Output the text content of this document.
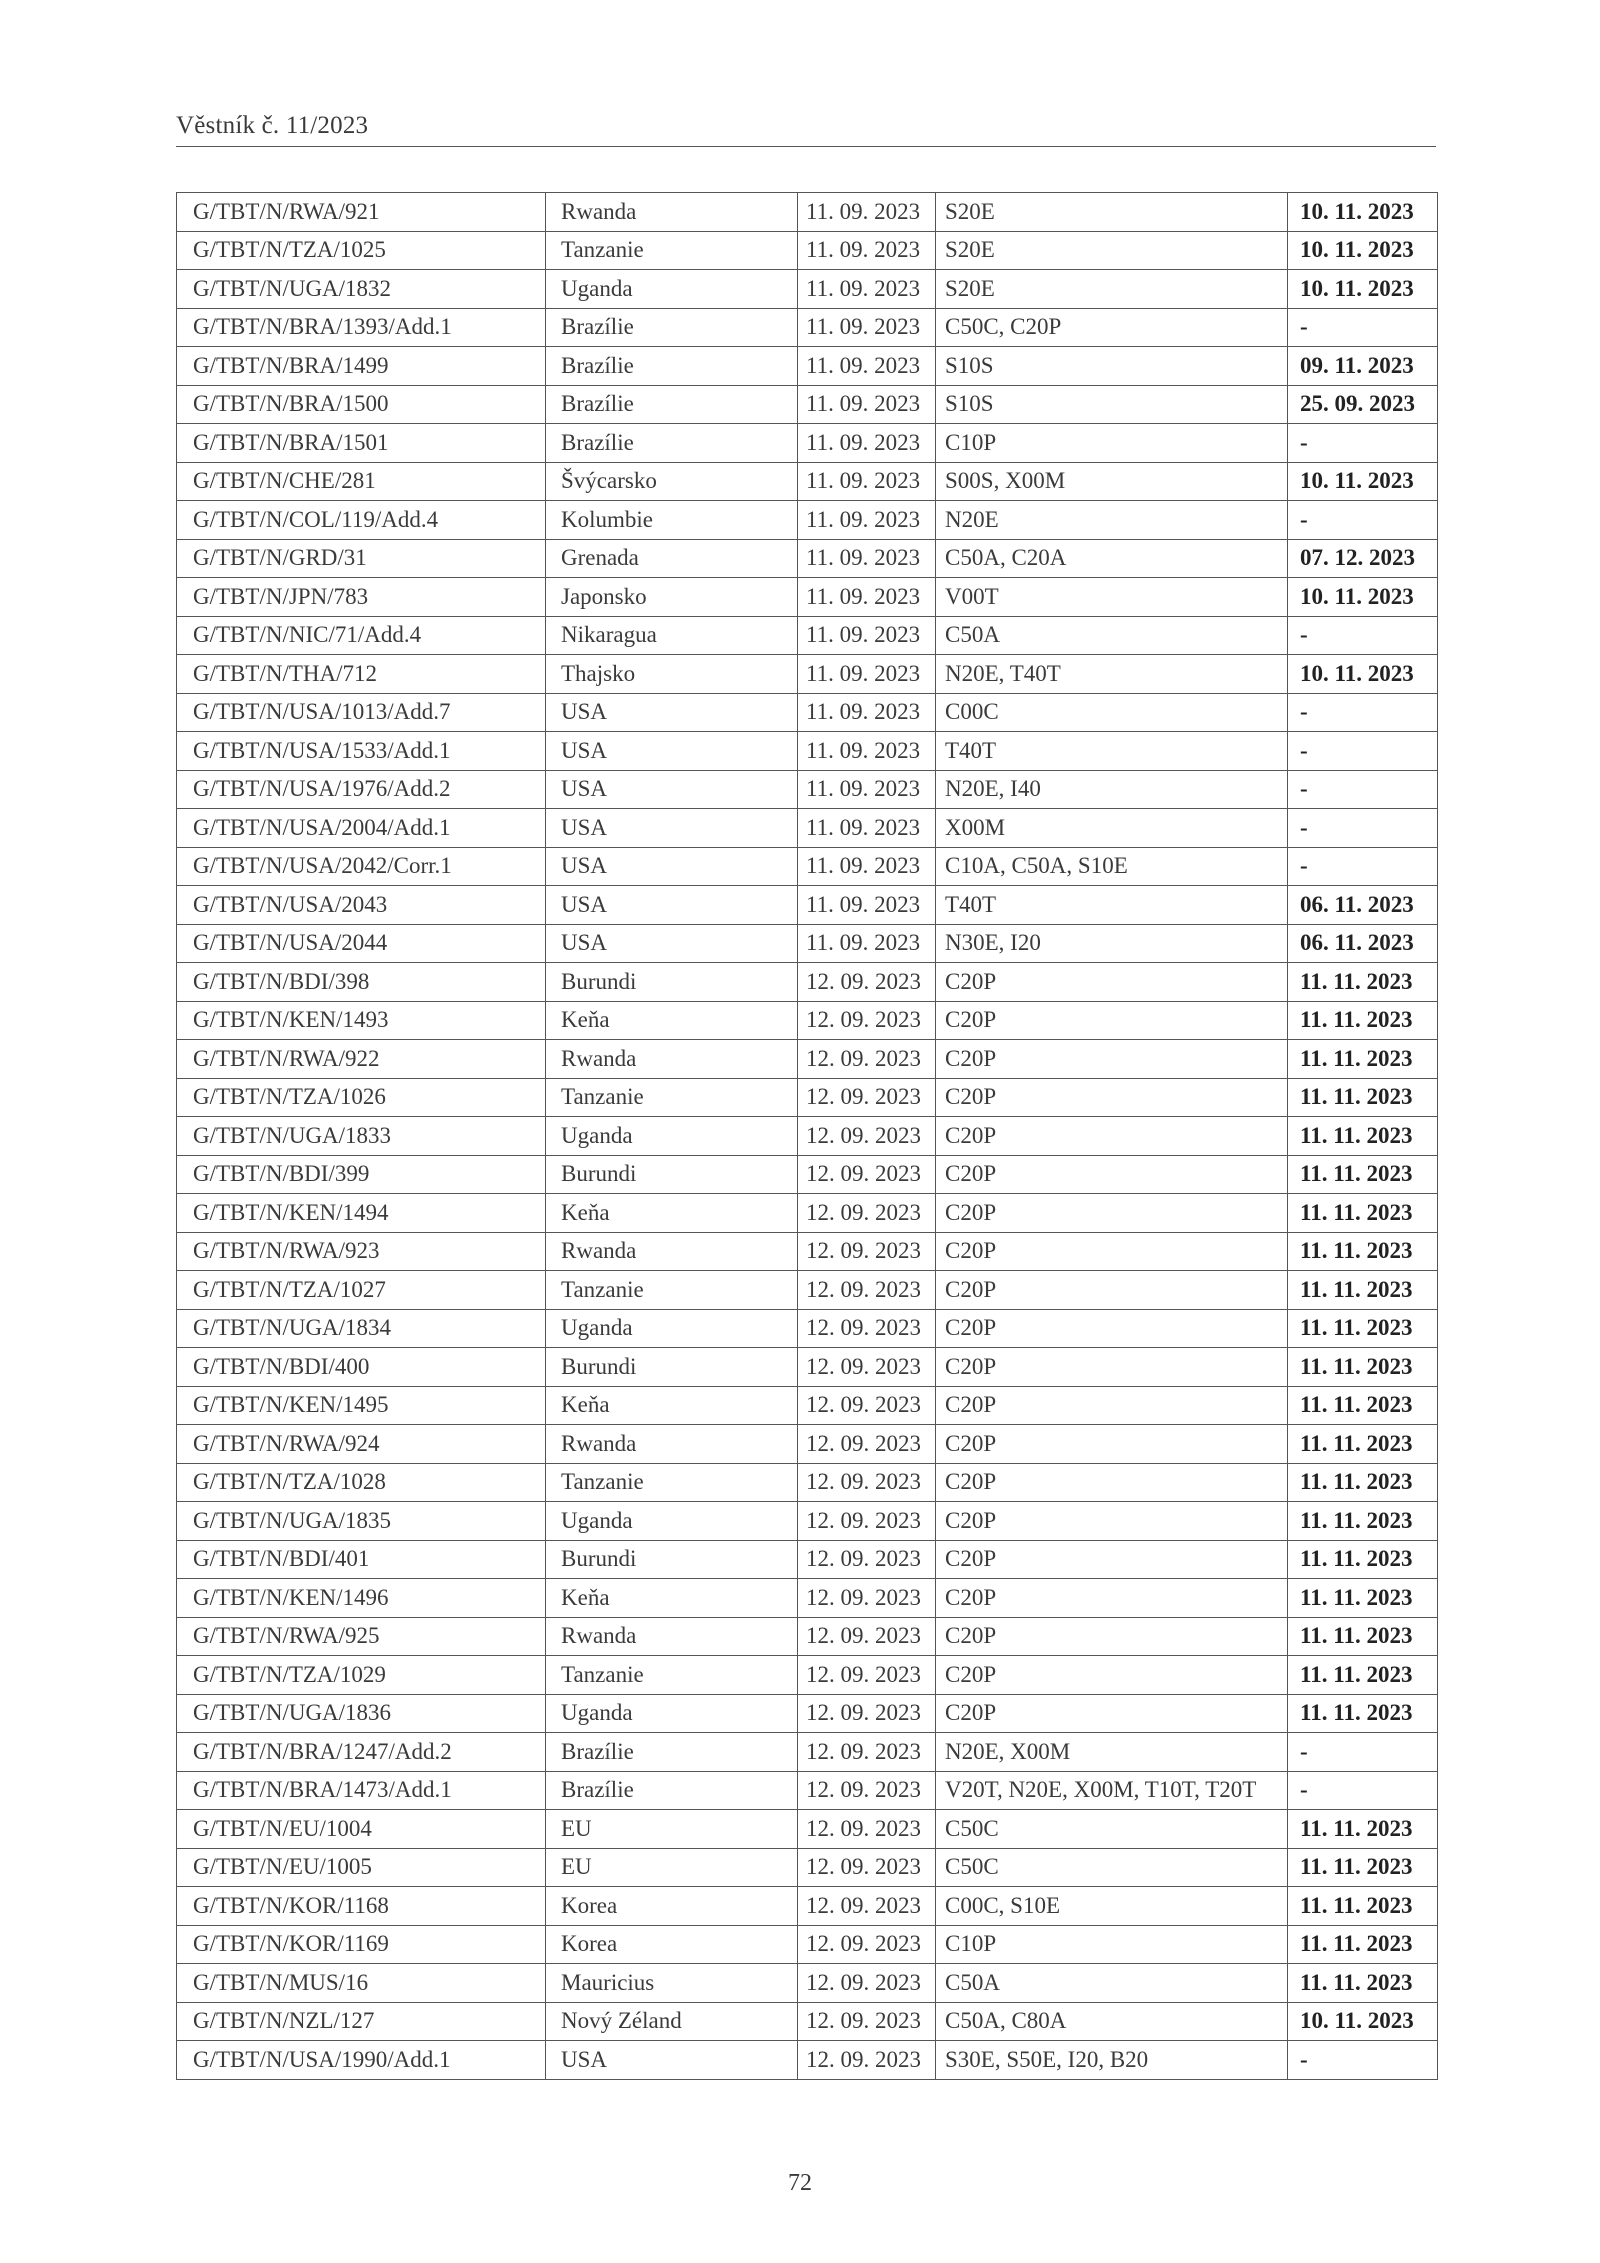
Věstník č. 11/2023
G/TBT/N/RWA/921	Rwanda	11. 09. 2023	S20E	10. 11. 2023
G/TBT/N/TZA/1025	Tanzanie	11. 09. 2023	S20E	10. 11. 2023
G/TBT/N/UGA/1832	Uganda	11. 09. 2023	S20E	10. 11. 2023
G/TBT/N/BRA/1393/Add.1	Brazílie	11. 09. 2023	C50C, C20P	-
G/TBT/N/BRA/1499	Brazílie	11. 09. 2023	S10S	09. 11. 2023
G/TBT/N/BRA/1500	Brazílie	11. 09. 2023	S10S	25. 09. 2023
G/TBT/N/BRA/1501	Brazílie	11. 09. 2023	C10P	-
G/TBT/N/CHE/281	Švýcarsko	11. 09. 2023	S00S, X00M	10. 11. 2023
G/TBT/N/COL/119/Add.4	Kolumbie	11. 09. 2023	N20E	-
G/TBT/N/GRD/31	Grenada	11. 09. 2023	C50A, C20A	07. 12. 2023
G/TBT/N/JPN/783	Japonsko	11. 09. 2023	V00T	10. 11. 2023
G/TBT/N/NIC/71/Add.4	Nikaragua	11. 09. 2023	C50A	-
G/TBT/N/THA/712	Thajsko	11. 09. 2023	N20E, T40T	10. 11. 2023
G/TBT/N/USA/1013/Add.7	USA	11. 09. 2023	C00C	-
G/TBT/N/USA/1533/Add.1	USA	11. 09. 2023	T40T	-
G/TBT/N/USA/1976/Add.2	USA	11. 09. 2023	N20E, I40	-
G/TBT/N/USA/2004/Add.1	USA	11. 09. 2023	X00M	-
G/TBT/N/USA/2042/Corr.1	USA	11. 09. 2023	C10A, C50A, S10E	-
G/TBT/N/USA/2043	USA	11. 09. 2023	T40T	06. 11. 2023
G/TBT/N/USA/2044	USA	11. 09. 2023	N30E, I20	06. 11. 2023
G/TBT/N/BDI/398	Burundi	12. 09. 2023	C20P	11. 11. 2023
G/TBT/N/KEN/1493	Keňa	12. 09. 2023	C20P	11. 11. 2023
G/TBT/N/RWA/922	Rwanda	12. 09. 2023	C20P	11. 11. 2023
G/TBT/N/TZA/1026	Tanzanie	12. 09. 2023	C20P	11. 11. 2023
G/TBT/N/UGA/1833	Uganda	12. 09. 2023	C20P	11. 11. 2023
G/TBT/N/BDI/399	Burundi	12. 09. 2023	C20P	11. 11. 2023
G/TBT/N/KEN/1494	Keňa	12. 09. 2023	C20P	11. 11. 2023
G/TBT/N/RWA/923	Rwanda	12. 09. 2023	C20P	11. 11. 2023
G/TBT/N/TZA/1027	Tanzanie	12. 09. 2023	C20P	11. 11. 2023
G/TBT/N/UGA/1834	Uganda	12. 09. 2023	C20P	11. 11. 2023
G/TBT/N/BDI/400	Burundi	12. 09. 2023	C20P	11. 11. 2023
G/TBT/N/KEN/1495	Keňa	12. 09. 2023	C20P	11. 11. 2023
G/TBT/N/RWA/924	Rwanda	12. 09. 2023	C20P	11. 11. 2023
G/TBT/N/TZA/1028	Tanzanie	12. 09. 2023	C20P	11. 11. 2023
G/TBT/N/UGA/1835	Uganda	12. 09. 2023	C20P	11. 11. 2023
G/TBT/N/BDI/401	Burundi	12. 09. 2023	C20P	11. 11. 2023
G/TBT/N/KEN/1496	Keňa	12. 09. 2023	C20P	11. 11. 2023
G/TBT/N/RWA/925	Rwanda	12. 09. 2023	C20P	11. 11. 2023
G/TBT/N/TZA/1029	Tanzanie	12. 09. 2023	C20P	11. 11. 2023
G/TBT/N/UGA/1836	Uganda	12. 09. 2023	C20P	11. 11. 2023
G/TBT/N/BRA/1247/Add.2	Brazílie	12. 09. 2023	N20E, X00M	-
G/TBT/N/BRA/1473/Add.1	Brazílie	12. 09. 2023	V20T, N20E, X00M, T10T, T20T	-
G/TBT/N/EU/1004	EU	12. 09. 2023	C50C	11. 11. 2023
G/TBT/N/EU/1005	EU	12. 09. 2023	C50C	11. 11. 2023
G/TBT/N/KOR/1168	Korea	12. 09. 2023	C00C, S10E	11. 11. 2023
G/TBT/N/KOR/1169	Korea	12. 09. 2023	C10P	11. 11. 2023
G/TBT/N/MUS/16	Mauricius	12. 09. 2023	C50A	11. 11. 2023
G/TBT/N/NZL/127	Nový Zéland	12. 09. 2023	C50A, C80A	10. 11. 2023
G/TBT/N/USA/1990/Add.1	USA	12. 09. 2023	S30E, S50E, I20, B20	-
72
